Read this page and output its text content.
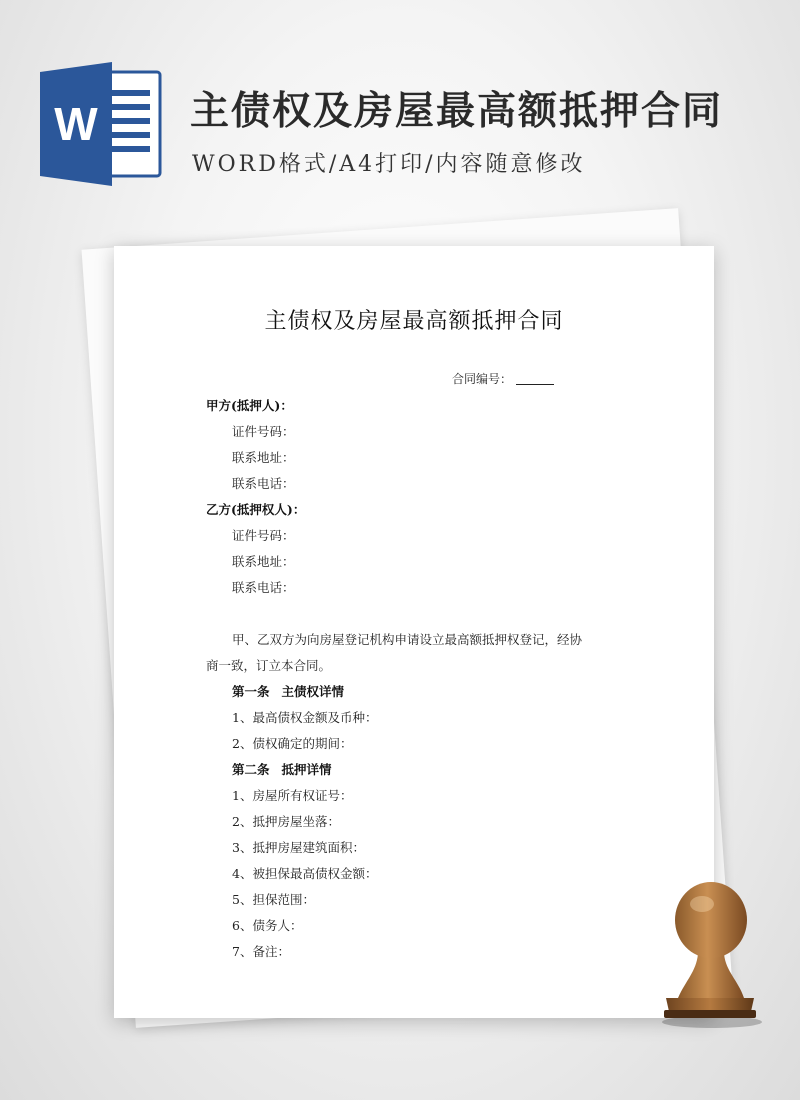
W 主债权及房屋最高额抵押合同
WORD格式/A4打印/内容随意修改
主债权及房屋最高额抵押合同
合同编号：
甲方(抵押人)：
证件号码：
联系地址：
联系电话：
乙方(抵押权人)：
证件号码：
联系地址：
联系电话：
甲、乙双方为向房屋登记机构申请设立最高额抵押权登记，经协
商一致，订立本合同。
第一条 主债权详情
1、最高债权金额及币种：
2、债权确定的期间：
第二条 抵押详情
1、房屋所有权证号：
2、抵押房屋坐落：
3、抵押房屋建筑面积：
4、被担保最高债权金额：
5、担保范围：
6、债务人：
7、备注：
